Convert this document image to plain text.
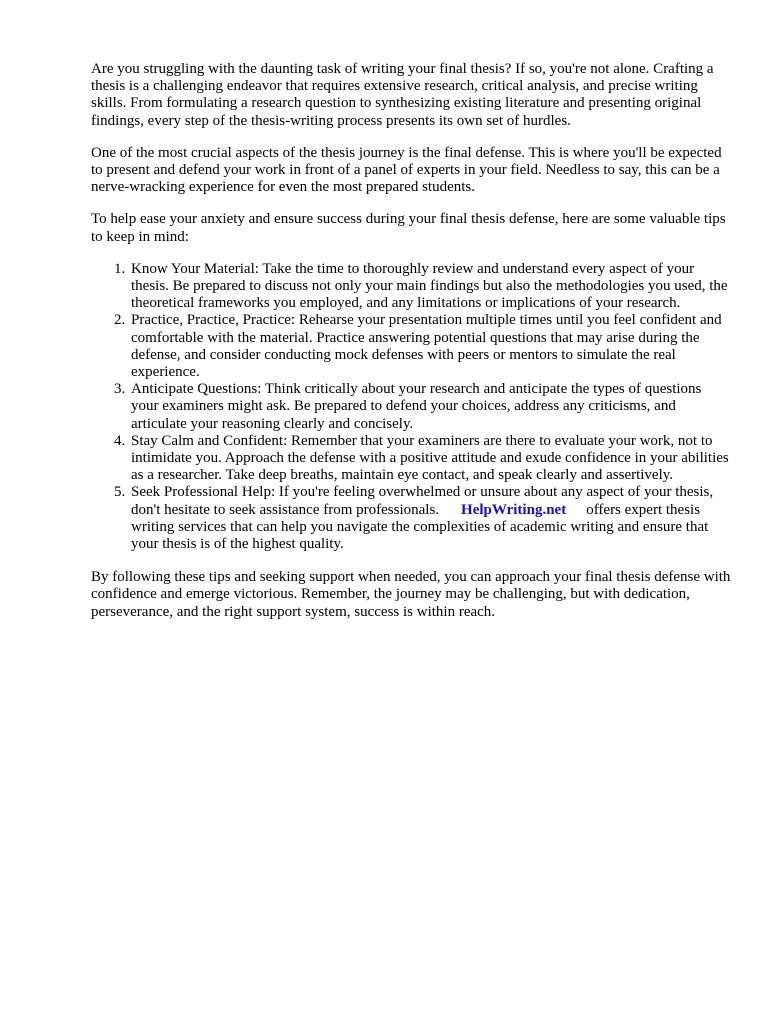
Are you struggling with the daunting task of writing your final thesis? If so, you're not alone. Crafting a thesis is a challenging endeavor that requires extensive research, critical analysis, and precise writing skills. From formulating a research question to synthesizing existing literature and presenting original findings, every step of the thesis-writing process presents its own set of hurdles.

One of the most crucial aspects of the thesis journey is the final defense. This is where you'll be expected to present and defend your work in front of a panel of experts in your field. Needless to say, this can be a nerve-wracking experience for even the most prepared students.

To help ease your anxiety and ensure success during your final thesis defense, here are some valuable tips to keep in mind:

1. Know Your Material: Take the time to thoroughly review and understand every aspect of your thesis. Be prepared to discuss not only your main findings but also the methodologies you used, the theoretical frameworks you employed, and any limitations or implications of your research.
2. Practice, Practice, Practice: Rehearse your presentation multiple times until you feel confident and comfortable with the material. Practice answering potential questions that may arise during the defense, and consider conducting mock defenses with peers or mentors to simulate the real experience.
3. Anticipate Questions: Think critically about your research and anticipate the types of questions your examiners might ask. Be prepared to defend your choices, address any criticisms, and articulate your reasoning clearly and concisely.
4. Stay Calm and Confident: Remember that your examiners are there to evaluate your work, not to intimidate you. Approach the defense with a positive attitude and exude confidence in your abilities as a researcher. Take deep breaths, maintain eye contact, and speak clearly and assertively.
5. Seek Professional Help: If you're feeling overwhelmed or unsure about any aspect of your thesis, don't hesitate to seek assistance from professionals. HelpWriting.net offers expert thesis writing services that can help you navigate the complexities of academic writing and ensure that your thesis is of the highest quality.

By following these tips and seeking support when needed, you can approach your final thesis defense with confidence and emerge victorious. Remember, the journey may be challenging, but with dedication, perseverance, and the right support system, success is within reach.
